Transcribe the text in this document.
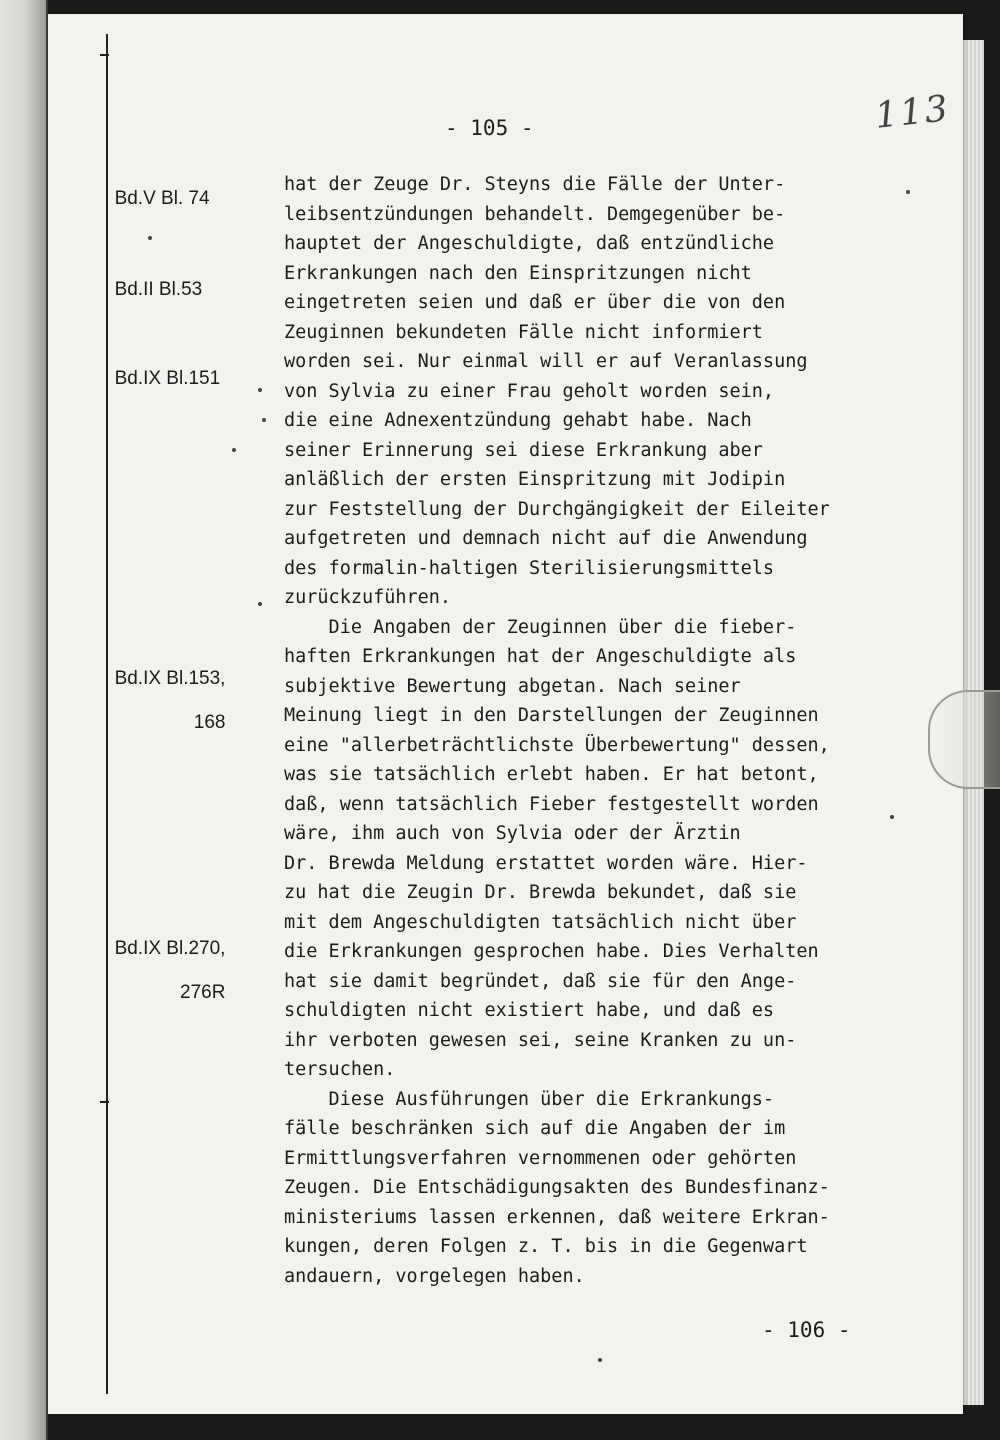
- 105 -	113

Bd.V Bl. 74

Bd.II Bl.53

Bd.IX Bl.151

Bd.IX Bl.153,

168

Bd.IX Bl.270,

276R

hat der Zeuge Dr. Steyns die Fälle der Unter-
leibsentzündungen behandelt. Demgegenüber be-
hauptet der Angeschuldigte, daß entzündliche
Erkrankungen nach den Einspritzungen nicht
eingetreten seien und daß er über die von den
Zeuginnen bekundeten Fälle nicht informiert
worden sei. Nur einmal will er auf Veranlassung
von Sylvia zu einer Frau geholt worden sein,
die eine Adnexentzündung gehabt habe. Nach
seiner Erinnerung sei diese Erkrankung aber
anläßlich der ersten Einspritzung mit Jodipin
zur Feststellung der Durchgängigkeit der Eileiter
aufgetreten und demnach nicht auf die Anwendung
des formalin-haltigen Sterilisierungsmittels
zurückzuführen.
Die Angaben der Zeuginnen über die fieber-
haften Erkrankungen hat der Angeschuldigte als
subjektive Bewertung abgetan. Nach seiner
Meinung liegt in den Darstellungen der Zeuginnen
eine "allerbeträchtlichste Überbewertung" dessen,
was sie tatsächlich erlebt haben. Er hat betont,
daß, wenn tatsächlich Fieber festgestellt worden
wäre, ihm auch von Sylvia oder der Ärztin
Dr. Brewda Meldung erstattet worden wäre. Hier-
zu hat die Zeugin Dr. Brewda bekundet, daß sie
mit dem Angeschuldigten tatsächlich nicht über
die Erkrankungen gesprochen habe. Dies Verhalten
hat sie damit begründet, daß sie für den Ange-
schuldigten nicht existiert habe, und daß es
ihr verboten gewesen sei, seine Kranken zu un-
tersuchen.
Diese Ausführungen über die Erkrankungs-
fälle beschränken sich auf die Angaben der im
Ermittlungsverfahren vernommenen oder gehörten
Zeugen. Die Entschädigungsakten des Bundesfinanz-
ministeriums lassen erkennen, daß weitere Erkran-
kungen, deren Folgen z. T. bis in die Gegenwart
andauern, vorgelegen haben.
- 106 -
